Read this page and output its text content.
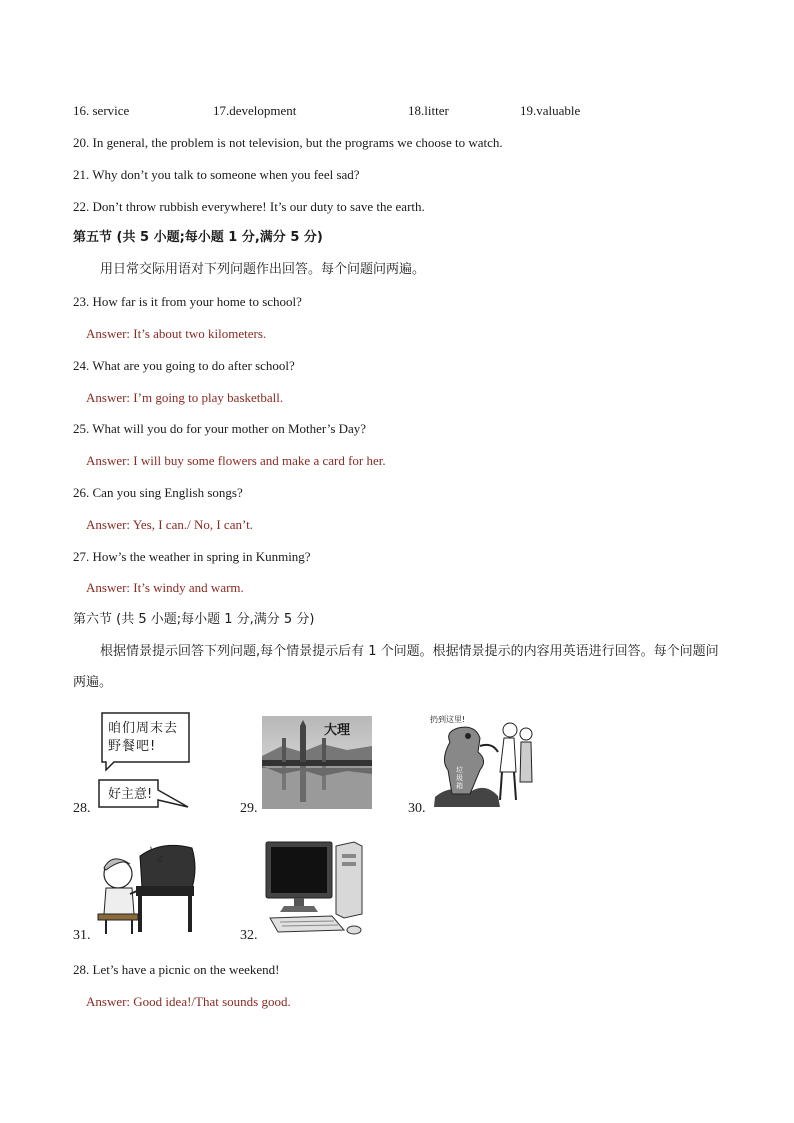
16. service	17.development	18.litter	19.valuable
20. In general, the problem is not television, but the programs we choose to watch.
21. Why don’t you talk to someone when you feel sad?
22. Don’t throw rubbish everywhere! It’s our duty to save the earth.
第五节 (共 5 小题;每小题 1 分,满分 5 分)
用日常交际用语对下列问题作出回答。每个问题问两遍。
23. How far is it from your home to school?
Answer: It’s about two kilometers.
24. What are you going to do after school?
Answer: I’m going to play basketball.
25. What will you do for your mother on Mother’s Day?
Answer: I will buy some flowers and make a card for her.
26. Can you sing English songs?
Answer: Yes, I can./ No, I can’t.
27. How’s the weather in spring in Kunming?
Answer: It’s windy and warm.
第六节 (共 5 小题;每小题 1 分,满分 5 分)
根据情景提示回答下列问题,每个情景提示后有 1 个问题。根据情景提示的内容用英语进行回答。每个问题问两遍。
28.
咱们周末去野餐吧!
好主意!
29.
大理
30.
扔到这里!
垃圾箱
31.
♪
♫
32.
28. Let’s have a picnic on the weekend!
Answer: Good idea!/That sounds good.
